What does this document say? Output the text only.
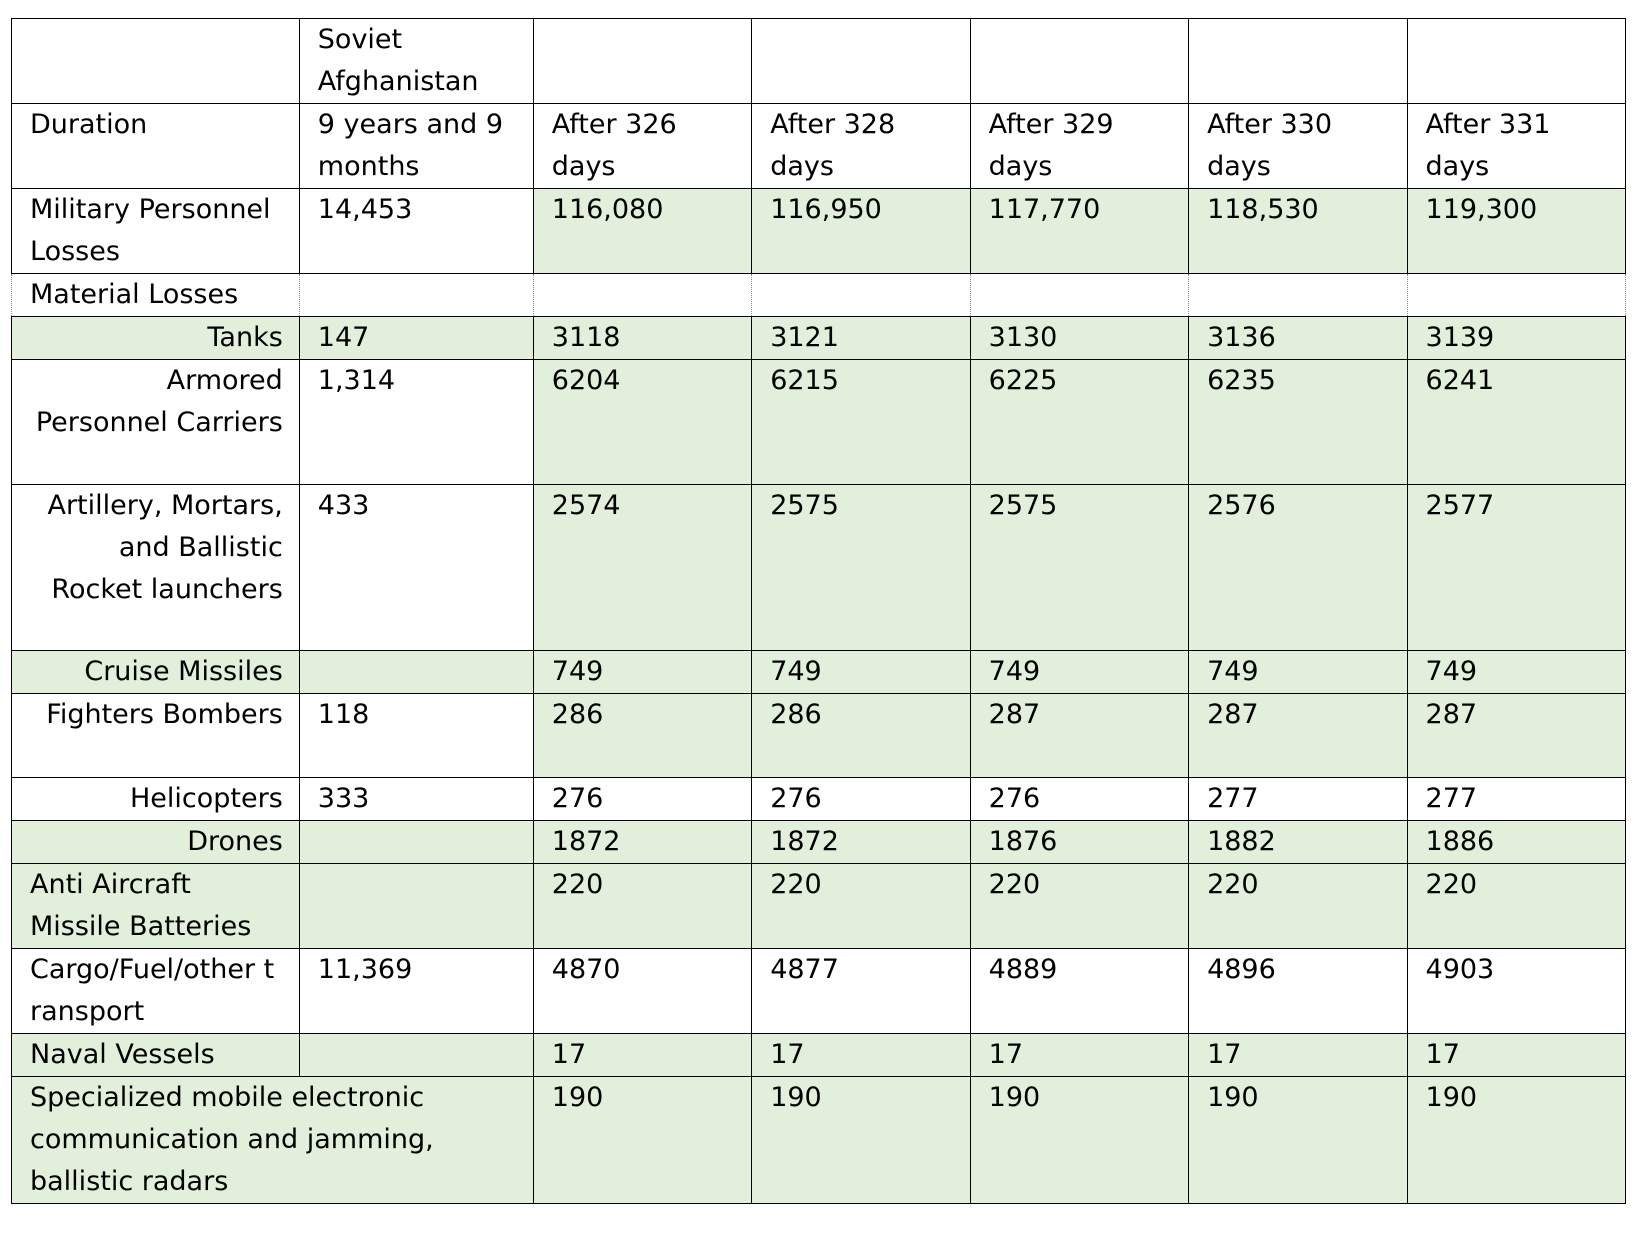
	Soviet Afghanistan					
Duration	9 years and 9 months	After 326 days	After 328 days	After 329 days	After 330 days	After 331 days
Military Personnel Losses	14,453	116,080	116,950	117,770	118,530	119,300
Material Losses						
Tanks	147	3118	3121	3130	3136	3139
Armored Personnel Carriers	1,314	6204	6215	6225	6235	6241
Artillery, Mortars, and Ballistic Rocket launchers	433	2574	2575	2575	2576	2577
Cruise Missiles		749	749	749	749	749
Fighters Bombers	118	286	286	287	287	287
Helicopters	333	276	276	276	277	277
Drones		1872	1872	1876	1882	1886
Anti Aircraft Missile Batteries		220	220	220	220	220
Cargo/Fuel/other transport	11,369	4870	4877	4889	4896	4903
Naval Vessels		17	17	17	17	17
Specialized mobile electronic communication and jamming, ballistic radars		190	190	190	190	190
